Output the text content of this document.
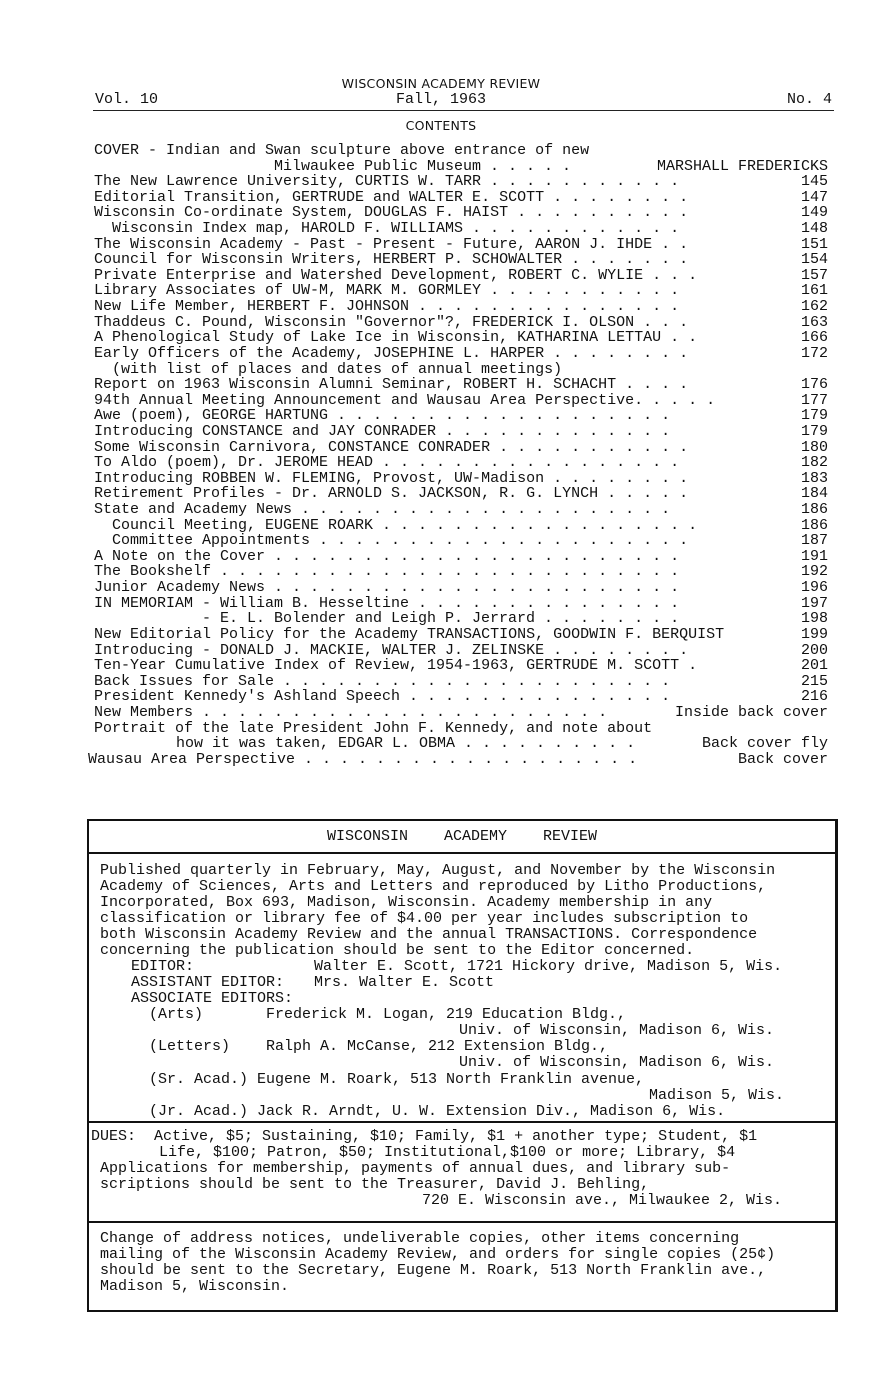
WISCONSIN ACADEMY REVIEW
Vol. 10	Fall, 1963	No. 4
CONTENTS
COVER - Indian and Swan sculpture above entrance of new
Milwaukee Public Museum . . . . .	MARSHALL FREDERICKS
The New Lawrence University, CURTIS W. TARR . . . . . . . . . . .	145
Editorial Transition, GERTRUDE and WALTER E. SCOTT . . . . . . . .	147
Wisconsin Co-ordinate System, DOUGLAS F. HAIST . . . . . . . . . .	149
Wisconsin Index map, HAROLD F. WILLIAMS . . . . . . . . . . . .	148
The Wisconsin Academy - Past - Present - Future, AARON J. IHDE . .	151
Council for Wisconsin Writers, HERBERT P. SCHOWALTER . . . . . . .	154
Private Enterprise and Watershed Development, ROBERT C. WYLIE . . .	157
Library Associates of UW-M, MARK M. GORMLEY . . . . . . . . . . .	161
New Life Member, HERBERT F. JOHNSON . . . . . . . . . . . . . . .	162
Thaddeus C. Pound, Wisconsin "Governor"?, FREDERICK I. OLSON . . .	163
A Phenological Study of Lake Ice in Wisconsin, KATHARINA LETTAU . .	166
Early Officers of the Academy, JOSEPHINE L. HARPER . . . . . . . .	172
(with list of places and dates of annual meetings)
Report on 1963 Wisconsin Alumni Seminar, ROBERT H. SCHACHT . . . .	176
94th Annual Meeting Announcement and Wausau Area Perspective. . . . .	177
Awe (poem), GEORGE HARTUNG . . . . . . . . . . . . . . . . . . .	179
Introducing CONSTANCE and JAY CONRADER . . . . . . . . . . . . .	179
Some Wisconsin Carnivora, CONSTANCE CONRADER . . . . . . . . . . .	180
To Aldo (poem), Dr. JEROME HEAD . . . . . . . . . . . . . . . . .	182
Introducing ROBBEN W. FLEMING, Provost, UW-Madison . . . . . . . .	183
Retirement Profiles - Dr. ARNOLD S. JACKSON, R. G. LYNCH . . . . .	184
State and Academy News . . . . . . . . . . . . . . . . . . . . .	186
Council Meeting, EUGENE ROARK . . . . . . . . . . . . . . . . . .	186
Committee Appointments . . . . . . . . . . . . . . . . . . . . .	187
A Note on the Cover . . . . . . . . . . . . . . . . . . . . . . .	191
The Bookshelf . . . . . . . . . . . . . . . . . . . . . . . . . .	192
Junior Academy News . . . . . . . . . . . . . . . . . . . . . . .	196
IN MEMORIAM - William B. Hesseltine . . . . . . . . . . . . . . .	197
- E. L. Bolender and Leigh P. Jerrard . . . . . . . .	198
New Editorial Policy for the Academy TRANSACTIONS, GOODWIN F. BERQUIST	199
Introducing - DONALD J. MACKIE, WALTER J. ZELINSKE . . . . . . . .	200
Ten-Year Cumulative Index of Review, 1954-1963, GERTRUDE M. SCOTT .	201
Back Issues for Sale . . . . . . . . . . . . . . . . . . . . . .	215
President Kennedy's Ashland Speech . . . . . . . . . . . . . . .	216
New Members . . . . . . . . . . . . . . . . . . . . . . .	Inside back cover
Portrait of the late President John F. Kennedy, and note about
how it was taken, EDGAR L. OBMA . . . . . . . . . .	Back cover fly
Wausau Area Perspective . . . . . . . . . . . . . . . . . . .	Back cover
WISCONSIN    ACADEMY    REVIEW
Published quarterly in February, May, August, and November by the Wisconsin
Academy of Sciences, Arts and Letters and reproduced by Litho Productions,
Incorporated, Box 693, Madison, Wisconsin. Academy membership in any
classification or library fee of $4.00 per year includes subscription to
both Wisconsin Academy Review and the annual TRANSACTIONS. Correspondence
concerning the publication should be sent to the Editor concerned.
EDITOR:	Walter E. Scott, 1721 Hickory drive, Madison 5, Wis.
ASSISTANT EDITOR: Mrs. Walter E. Scott
ASSOCIATE EDITORS:
(Arts)	Frederick M. Logan, 219 Education Bldg.,
Univ. of Wisconsin, Madison 6, Wis.
(Letters) Ralph A. McCanse, 212 Extension Bldg.,
Univ. of Wisconsin, Madison 6, Wis.
(Sr. Acad.) Eugene M. Roark, 513 North Franklin avenue,
Madison 5, Wis.
(Jr. Acad.) Jack R. Arndt, U. W. Extension Div., Madison 6, Wis.
DUES:  Active, $5; Sustaining, $10; Family, $1 + another type; Student, $1
Life, $100; Patron, $50; Institutional,$100 or more; Library, $4
Applications for membership, payments of annual dues, and library sub-
scriptions should be sent to the Treasurer, David J. Behling,
720 E. Wisconsin ave., Milwaukee 2, Wis.
Change of address notices, undeliverable copies, other items concerning
mailing of the Wisconsin Academy Review, and orders for single copies (25¢)
should be sent to the Secretary, Eugene M. Roark, 513 North Franklin ave.,
Madison 5, Wisconsin.
